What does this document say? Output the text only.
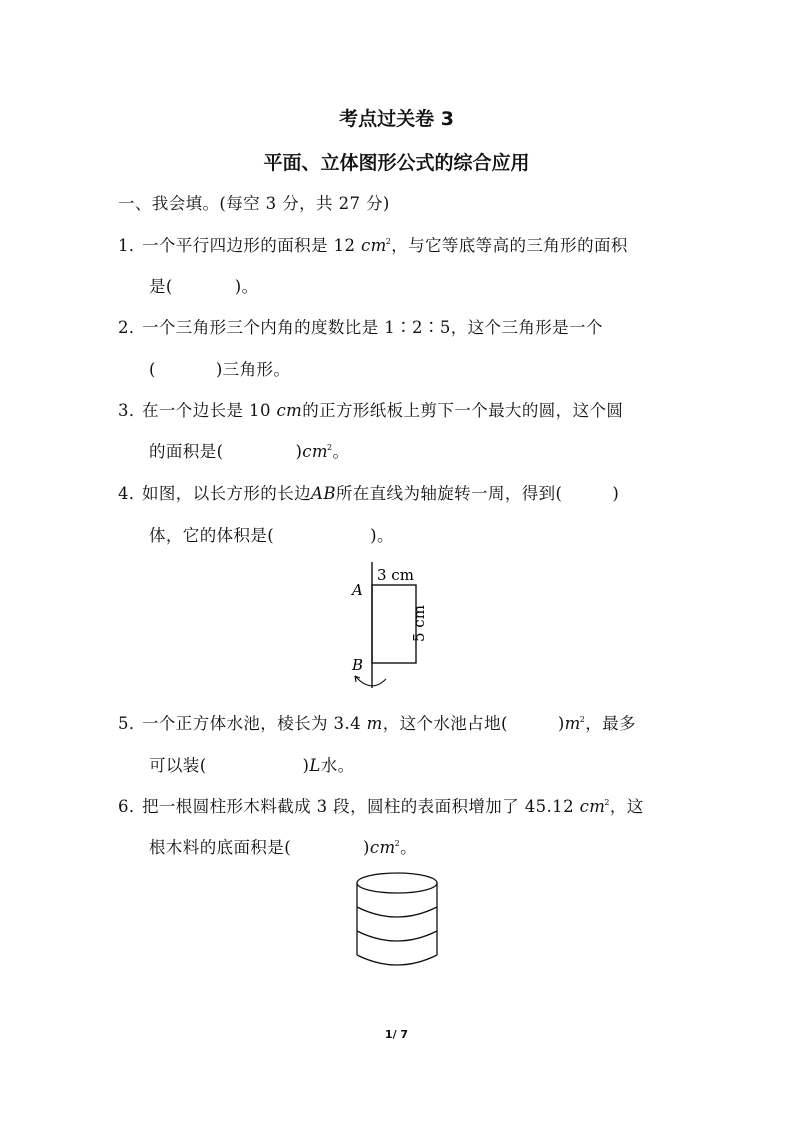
考点过关卷 3
平面、立体图形公式的综合应用
一、我会填。(每空 3 分，共 27 分)
1．一个平行四边形的面积是 12 $cm^2$，与它等底等高的三角形的面积
是(	)。
2．一个三角形三个内角的度数比是 1∶2∶5，这个三角形是一个
(	)三角形。
3．在一个边长是 10 cm的正方形纸板上剪下一个最大的圆，这个圆
的面积是(	)$cm^2$。
4．如图，以长方形的长边AB所在直线为轴旋转一周，得到(	)
体，它的体积是(	)。
A
B
3 cm
5 cm
5．一个正方体水池，棱长为 3.4 m，这个水池占地(	)$m^2$，最多
可以装(	)L水。
6．把一根圆柱形木料截成 3 段，圆柱的表面积增加了 45.12 $cm^2$，这
根木料的底面积是(	)$cm^2$。
1/ 7
